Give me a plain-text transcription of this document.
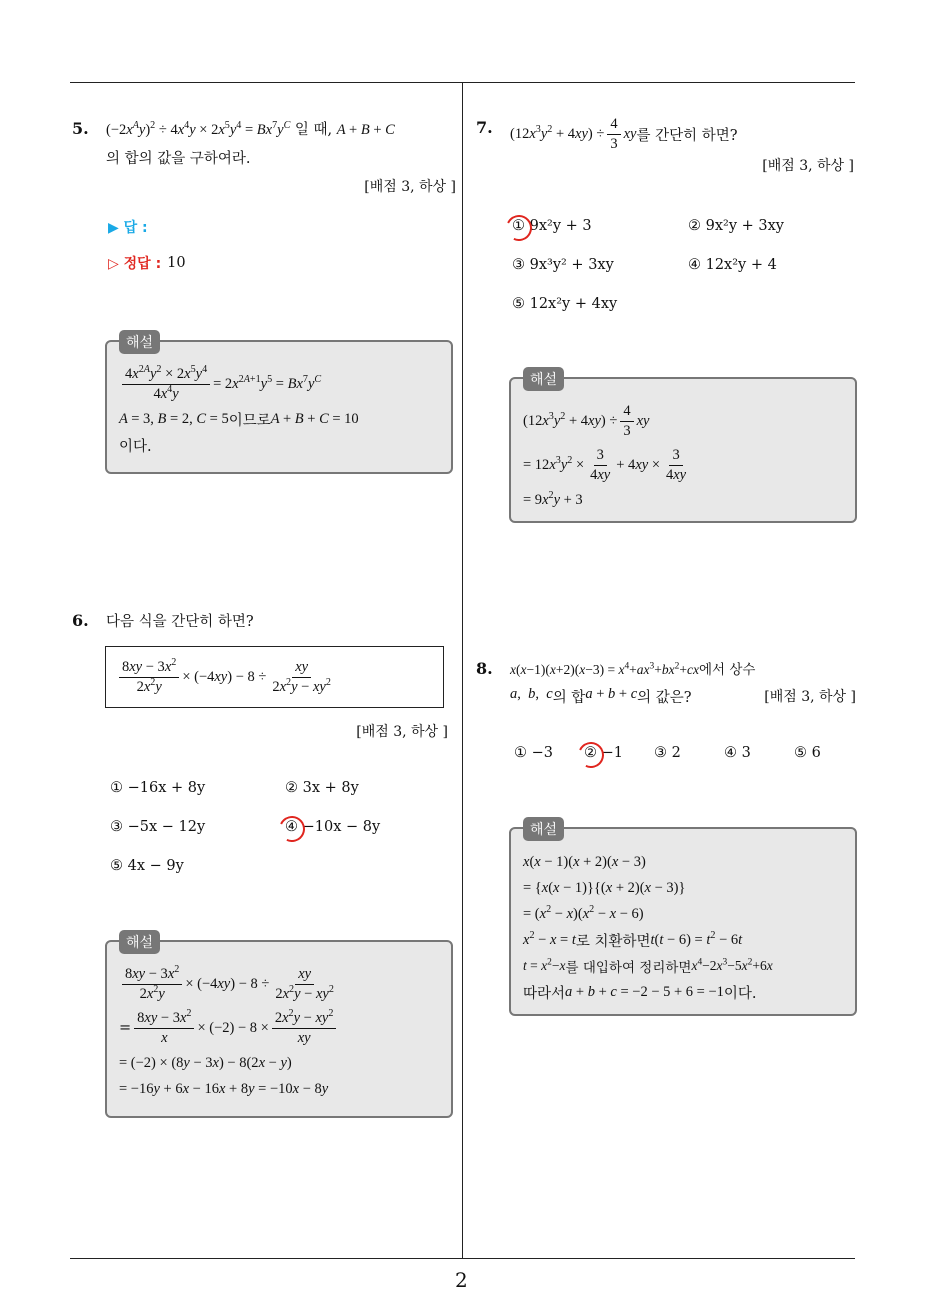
5.	$(-2x^Ay)^2 \div 4x^4y \times 2x^5y^4 = Bx^7y^C$ 일 때, A + B + C
의 합의 값을 구하여라.
[배점 3, 하상 ]
▶ 답 :
▷ 정답 : 10
해설
$\frac{4x^{2A}y^2 \times 2x^5y^4}{4x^4y} = 2x^{2A+1}y^5 = Bx^7y^C$
A = 3, B = 2, C = 5 이므로 A + B + C = 10
이다.
6.	다음 식을 간단히 하면?
$\frac{8xy - 3x^2}{2x^2y} \times (-4xy) - 8 \div \frac{xy}{2x^2y - xy^2}$
[배점 3, 하상 ]
① −16x + 8y	② 3x + 8y
③ −5x − 12y	④ −10x − 8y
⑤ 4x − 9y
해설
$\frac{8xy - 3x^2}{2x^2y} \times (-4xy) - 8 \div \frac{xy}{2x^2y - xy^2}$
= $\frac{8xy - 3x^2}{x} \times (-2) - 8 \times \frac{2x^2y - xy^2}{xy}$
= (−2) × (8y − 3x) − 8(2x − y)
= −16y + 6x − 16x + 8y = −10x − 8y
7.	$(12x^3y^2 + 4xy) \div \frac{4}{3}$ xy 를 간단히 하면?
[배점 3, 하상 ]
① 9x²y + 3	② 9x²y + 3xy
③ 9x³y² + 3xy	④ 12x²y + 4
⑤ 12x²y + 4xy
해설
$(12x^3y^2 + 4xy) \div \frac{4}{3}$ xy
= $12x^3y^2 \times \frac{3}{4xy} + 4xy \times \frac{3}{4xy}$
= $9x^2y + 3$
8.	$x(x-1)(x+2)(x-3) = x^4+ax^3+bx^2+cx$ 에서 상수
a,  b,  c 의 합 a + b + c 의 값은?	[배점 3, 하상 ]
① −3 ② −1 ③ 2	④ 3	⑤ 6
해설
x(x − 1)(x + 2)(x − 3)
= {x(x − 1)}{(x + 2)(x − 3)}
= $(x^2 - x)(x^2 - x - 6)$
$x^2 - x = t$ 로 치환하면 $t(t - 6) = t^2 - 6t$
$t = x^2-x$ 를 대입하여 정리하면 $x^4-2x^3-5x^2+6x$
따라서 a + b + c = −2 − 5 + 6 = −1 이다.
2
